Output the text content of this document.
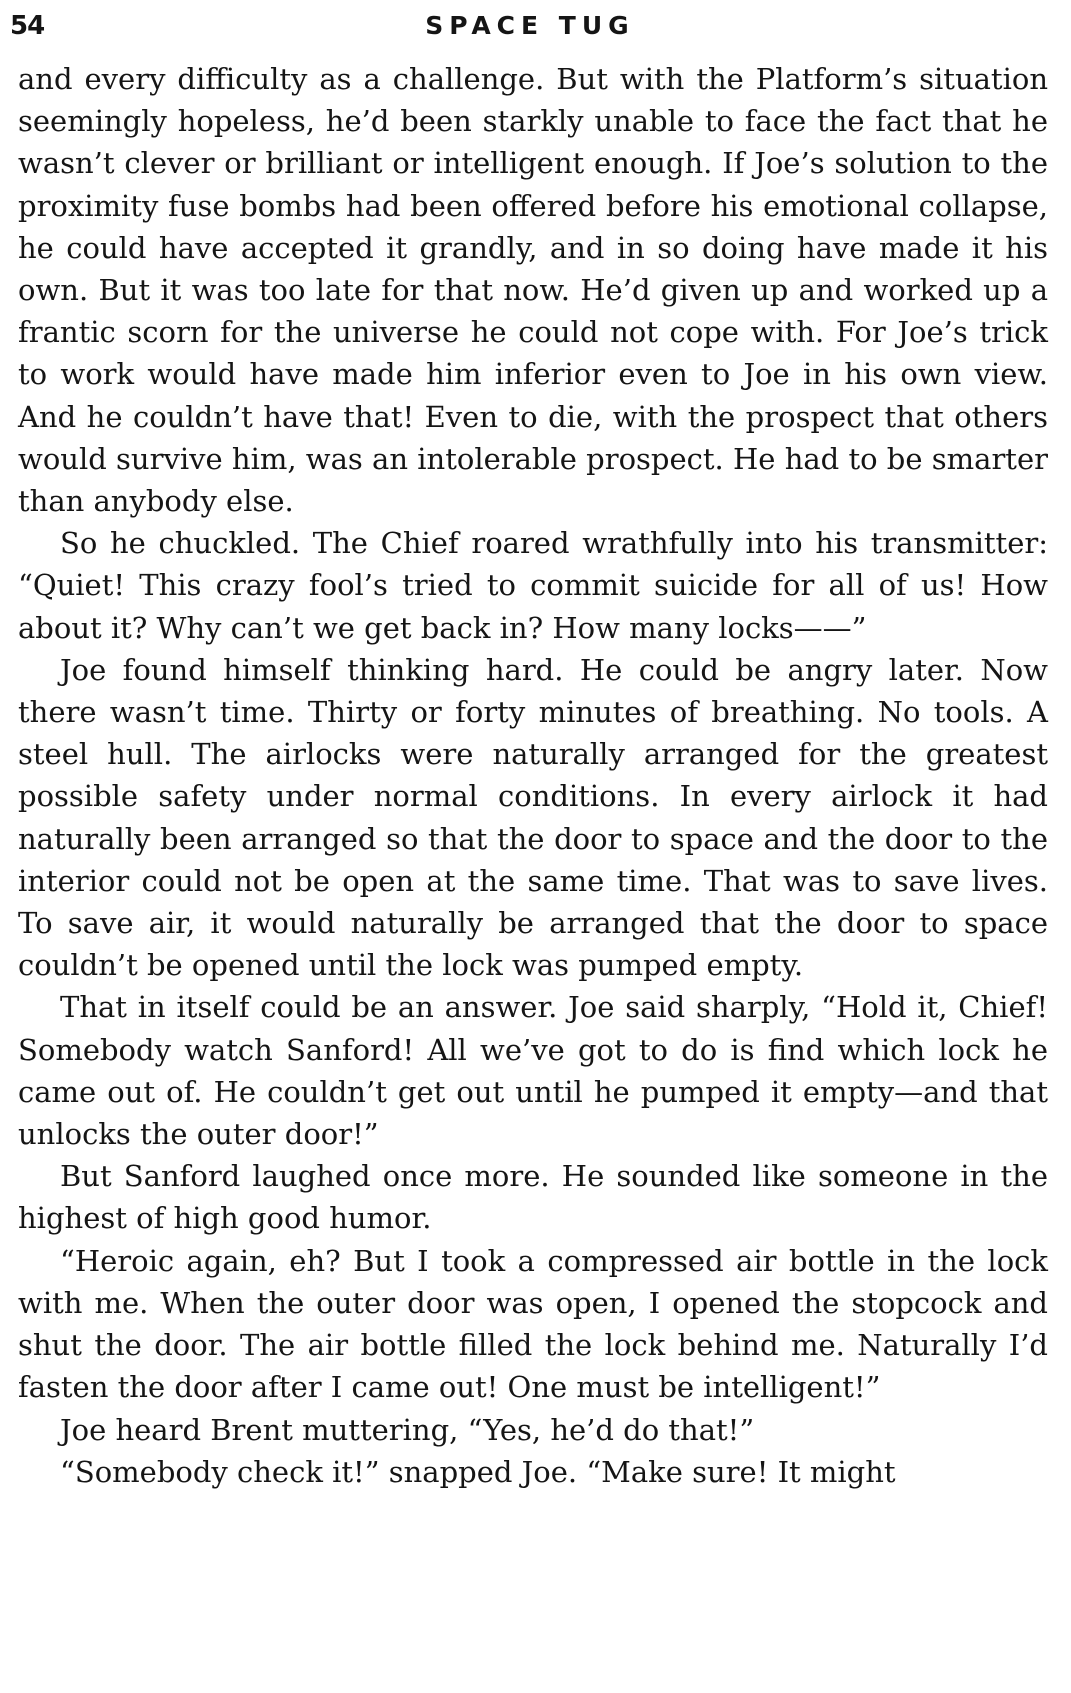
54	SPACE TUG

and every difficulty as a challenge. But with the Platform’s situation seemingly hopeless, he’d been starkly unable to face the fact that he wasn’t clever or brilliant or intelligent enough. If Joe’s solution to the proximity fuse bombs had been offered before his emotional collapse, he could have accepted it grandly, and in so doing have made it his own. But it was too late for that now. He’d given up and worked up a frantic scorn for the universe he could not cope with. For Joe’s trick to work would have made him inferior even to Joe in his own view. And he couldn’t have that! Even to die, with the prospect that others would survive him, was an intolerable prospect. He had to be smarter than anybody else.

So he chuckled. The Chief roared wrathfully into his transmitter: “Quiet! This crazy fool’s tried to commit suicide for all of us! How about it? Why can’t we get back in? How many locks——”

Joe found himself thinking hard. He could be angry later. Now there wasn’t time. Thirty or forty minutes of breathing. No tools. A steel hull. The airlocks were naturally arranged for the greatest possible safety under normal conditions. In every airlock it had naturally been arranged so that the door to space and the door to the interior could not be open at the same time. That was to save lives. To save air, it would naturally be arranged that the door to space couldn’t be opened until the lock was pumped empty.

That in itself could be an answer. Joe said sharply, “Hold it, Chief! Somebody watch Sanford! All we’ve got to do is find which lock he came out of. He couldn’t get out until he pumped it empty—and that unlocks the outer door!”

But Sanford laughed once more. He sounded like someone in the highest of high good humor.

“Heroic again, eh? But I took a compressed air bottle in the lock with me. When the outer door was open, I opened the stopcock and shut the door. The air bottle filled the lock behind me. Naturally I’d fasten the door after I came out! One must be intelligent!”

Joe heard Brent muttering, “Yes, he’d do that!”

“Somebody check it!” snapped Joe. “Make sure! It might
